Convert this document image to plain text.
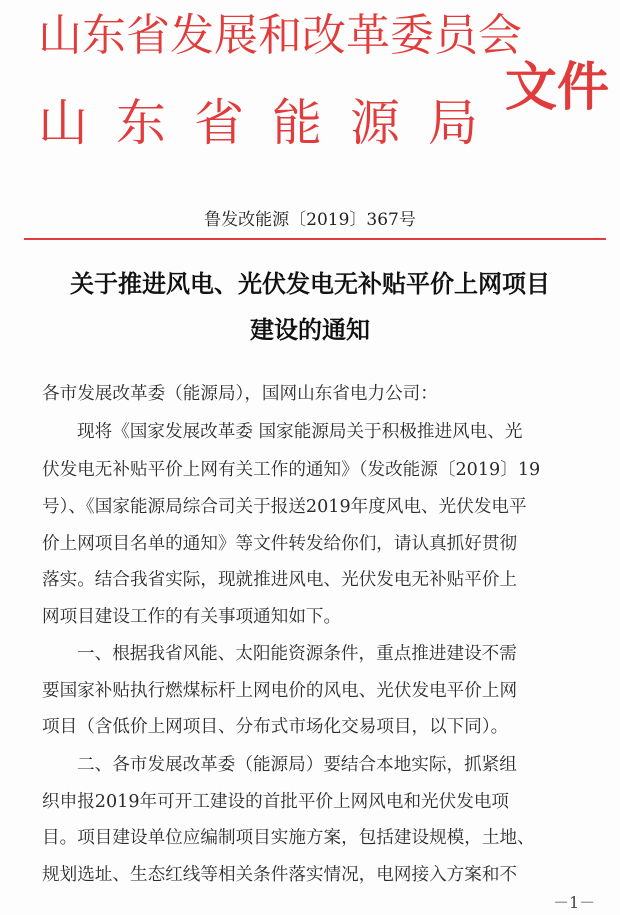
山东省发展和改革委员会
山东省能源局
文件
鲁发改能源〔2019〕367号
关于推进风电、光伏发电无补贴平价上网项目
建设的通知
各市发展改革委（能源局），国网山东省电力公司：
现将《国家发展改革委 国家能源局关于积极推进风电、光
伏发电无补贴平价上网有关工作的通知》（发改能源〔2019〕19
号）、《国家能源局综合司关于报送2019年度风电、光伏发电平
价上网项目名单的通知》等文件转发给你们，请认真抓好贯彻
落实。结合我省实际，现就推进风电、光伏发电无补贴平价上
网项目建设工作的有关事项通知如下。
一、根据我省风能、太阳能资源条件，重点推进建设不需
要国家补贴执行燃煤标杆上网电价的风电、光伏发电平价上网
项目（含低价上网项目、分布式市场化交易项目，以下同）。
二、各市发展改革委（能源局）要结合本地实际，抓紧组
织申报2019年可开工建设的首批平价上网风电和光伏发电项
目。项目建设单位应编制项目实施方案，包括建设规模，土地、
规划选址、生态红线等相关条件落实情况，电网接入方案和不
－1－
